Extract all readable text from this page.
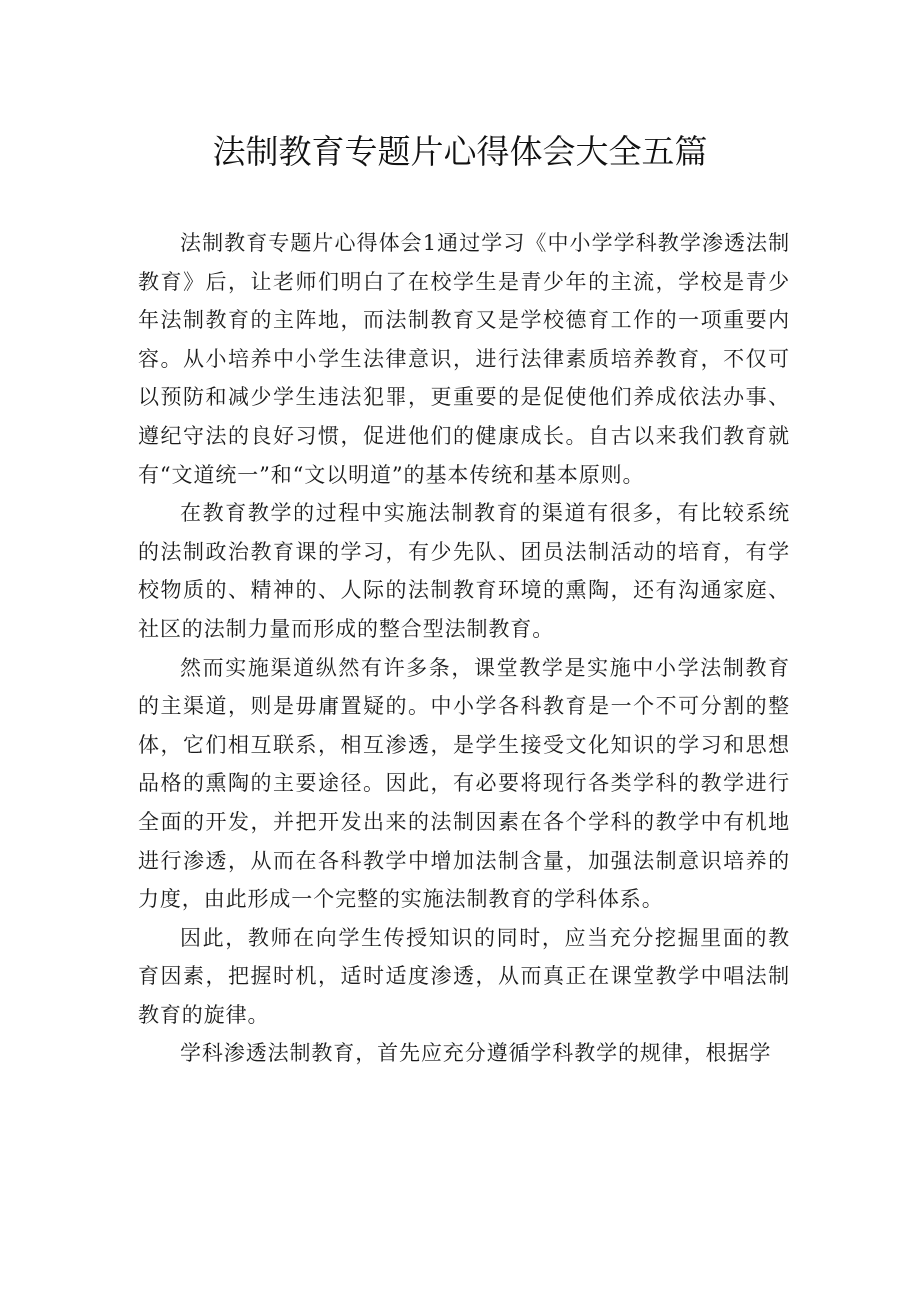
法制教育专题片心得体会大全五篇

法制教育专题片心得体会1通过学习《中小学学科教学渗透法制教育》后，让老师们明白了在校学生是青少年的主流，学校是青少年法制教育的主阵地，而法制教育又是学校德育工作的一项重要内容。从小培养中小学生法律意识，进行法律素质培养教育，不仅可以预防和减少学生违法犯罪，更重要的是促使他们养成依法办事、遵纪守法的良好习惯，促进他们的健康成长。自古以来我们教育就有“文道统一”和“文以明道”的基本传统和基本原则。

在教育教学的过程中实施法制教育的渠道有很多，有比较系统的法制政治教育课的学习，有少先队、团员法制活动的培育，有学校物质的、精神的、人际的法制教育环境的熏陶，还有沟通家庭、社区的法制力量而形成的整合型法制教育。

然而实施渠道纵然有许多条，课堂教学是实施中小学法制教育的主渠道，则是毋庸置疑的。中小学各科教育是一个不可分割的整体，它们相互联系，相互渗透，是学生接受文化知识的学习和思想品格的熏陶的主要途径。因此，有必要将现行各类学科的教学进行全面的开发，并把开发出来的法制因素在各个学科的教学中有机地进行渗透，从而在各科教学中增加法制含量，加强法制意识培养的力度，由此形成一个完整的实施法制教育的学科体系。

因此，教师在向学生传授知识的同时，应当充分挖掘里面的教育因素，把握时机，适时适度渗透，从而真正在课堂教学中唱法制教育的旋律。

学科渗透法制教育，首先应充分遵循学科教学的规律，根据学
